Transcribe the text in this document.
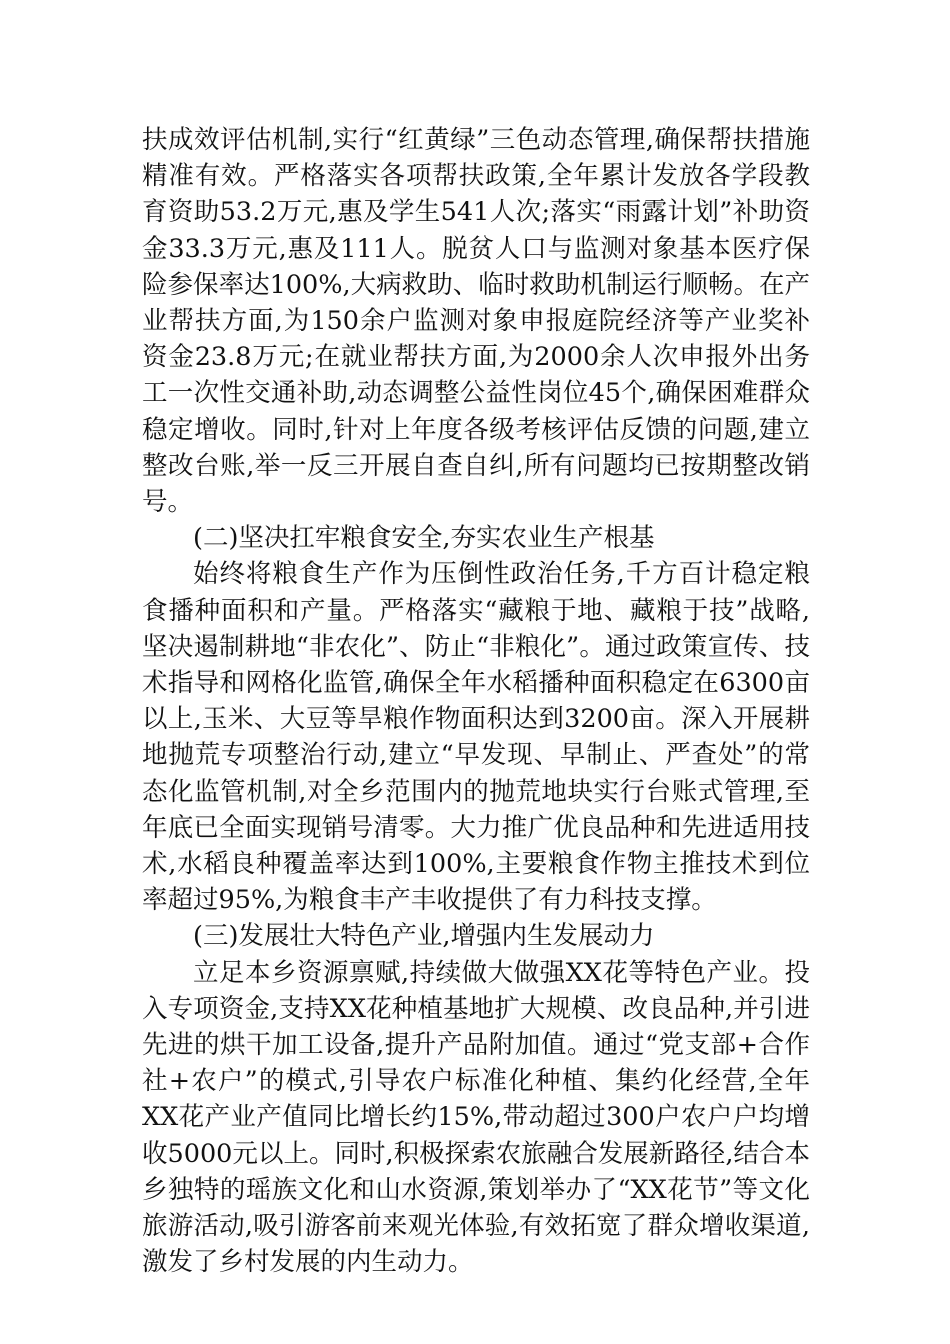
扶成效评估机制,实行“红黄绿”三色动态管理,确保帮扶措施精准有效。严格落实各项帮扶政策,全年累计发放各学段教育资助53.2万元,惠及学生541人次;落实“雨露计划”补助资金33.3万元,惠及111人。脱贫人口与监测对象基本医疗保险参保率达100%,大病救助、临时救助机制运行顺畅。在产业帮扶方面,为150余户监测对象申报庭院经济等产业奖补资金23.8万元;在就业帮扶方面,为2000余人次申报外出务工一次性交通补助,动态调整公益性岗位45个,确保困难群众稳定增收。同时,针对上年度各级考核评估反馈的问题,建立整改台账,举一反三开展自查自纠,所有问题均已按期整改销号。

(二)坚决扛牢粮食安全,夯实农业生产根基

始终将粮食生产作为压倒性政治任务,千方百计稳定粮食播种面积和产量。严格落实“藏粮于地、藏粮于技”战略,坚决遏制耕地“非农化”、防止“非粮化”。通过政策宣传、技术指导和网格化监管,确保全年水稻播种面积稳定在6300亩以上,玉米、大豆等旱粮作物面积达到3200亩。深入开展耕地抛荒专项整治行动,建立“早发现、早制止、严查处”的常态化监管机制,对全乡范围内的抛荒地块实行台账式管理,至年底已全面实现销号清零。大力推广优良品种和先进适用技术,水稻良种覆盖率达到100%,主要粮食作物主推技术到位率超过95%,为粮食丰产丰收提供了有力科技支撑。

(三)发展壮大特色产业,增强内生发展动力

立足本乡资源禀赋,持续做大做强XX花等特色产业。投入专项资金,支持XX花种植基地扩大规模、改良品种,并引进先进的烘干加工设备,提升产品附加值。通过“党支部+合作社+农户”的模式,引导农户标准化种植、集约化经营,全年XX花产业产值同比增长约15%,带动超过300户农户户均增收5000元以上。同时,积极探索农旅融合发展新路径,结合本乡独特的瑶族文化和山水资源,策划举办了“XX花节”等文化旅游活动,吸引游客前来观光体验,有效拓宽了群众增收渠道,激发了乡村发展的内生动力。
